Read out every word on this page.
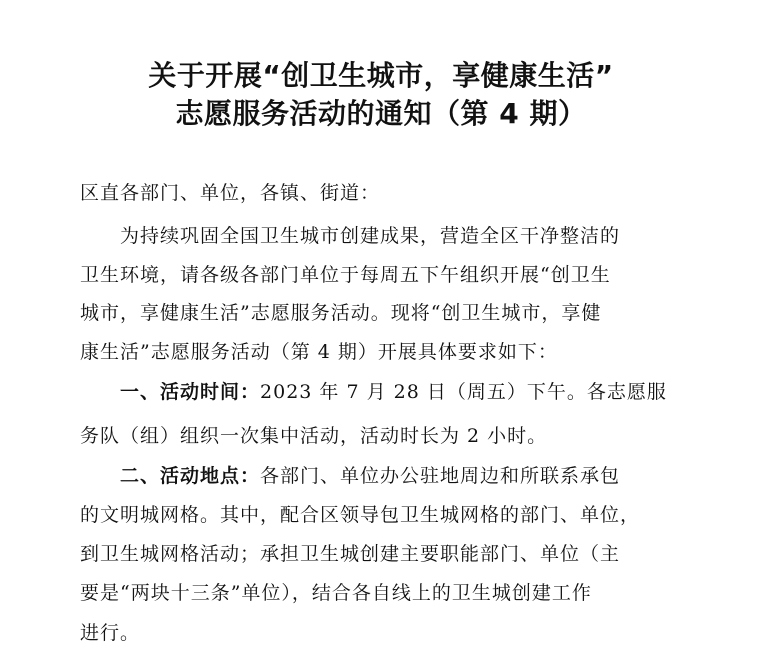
关于开展“创卫生城市，享健康生活”
志愿服务活动的通知（第 4 期）
区直各部门、单位，各镇、街道：
为持续巩固全国卫生城市创建成果，营造全区干净整洁的
卫生环境，请各级各部门单位于每周五下午组织开展“创卫生
城市，享健康生活”志愿服务活动。现将“创卫生城市，享健
康生活”志愿服务活动（第 4 期）开展具体要求如下：
一、活动时间：2023 年 7 月 28 日（周五）下午。各志愿服
务队（组）组织一次集中活动，活动时长为 2 小时。
二、活动地点：各部门、单位办公驻地周边和所联系承包
的文明城网格。其中，配合区领导包卫生城网格的部门、单位，
到卫生城网格活动；承担卫生城创建主要职能部门、单位（主
要是“两块十三条”单位），结合各自线上的卫生城创建工作
进行。
